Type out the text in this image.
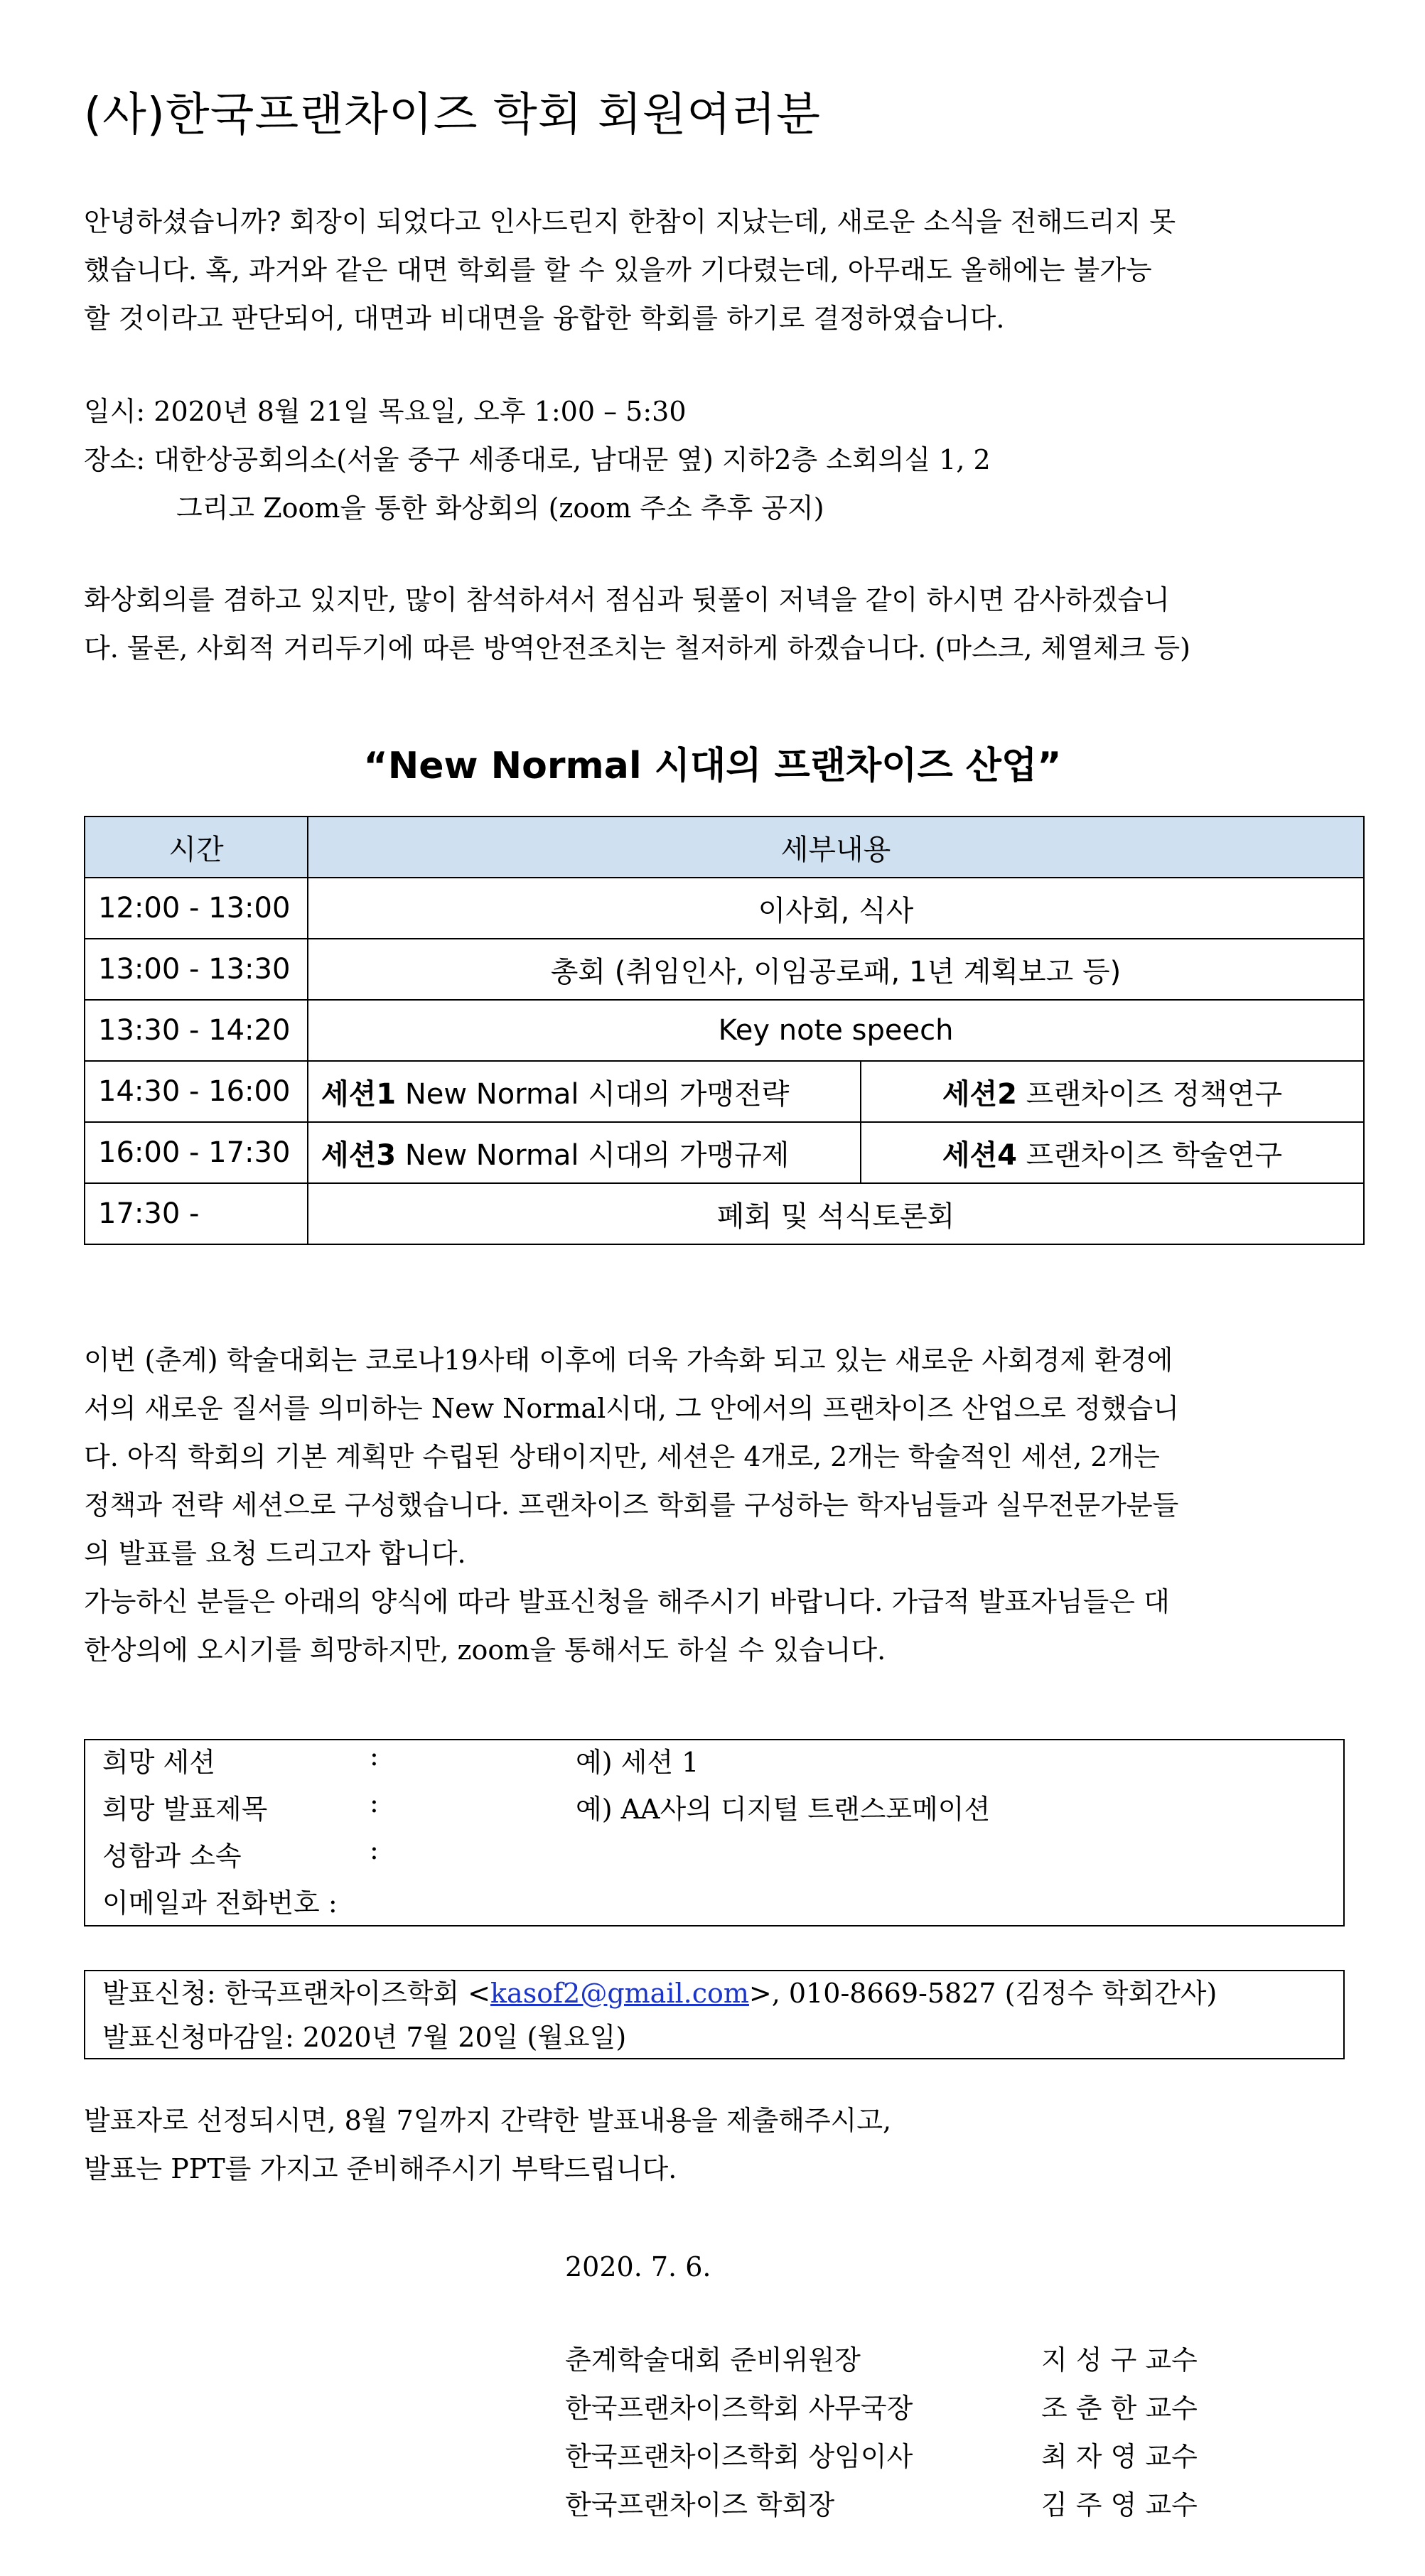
(사)한국프랜차이즈 학회 회원여러분
안녕하셨습니까? 회장이 되었다고 인사드린지 한참이 지났는데, 새로운 소식을 전해드리지 못
했습니다. 혹, 과거와 같은 대면 학회를 할 수 있을까 기다렸는데, 아무래도 올해에는 불가능
할 것이라고 판단되어, 대면과 비대면을 융합한 학회를 하기로 결정하였습니다.
일시: 2020년 8월 21일 목요일, 오후 1:00 – 5:30
장소: 대한상공회의소(서울 중구 세종대로, 남대문 옆) 지하2층 소회의실 1, 2
그리고 Zoom을 통한 화상회의 (zoom 주소 추후 공지)
화상회의를 겸하고 있지만, 많이 참석하셔서 점심과 뒷풀이 저녁을 같이 하시면 감사하겠습니
다. 물론, 사회적 거리두기에 따른 방역안전조치는 철저하게 하겠습니다. (마스크, 체열체크 등)
“New Normal 시대의 프랜차이즈 산업”
시간	세부내용	
12:00 - 13:00	이사회, 식사	
13:00 - 13:30	총회 (취임인사, 이임공로패, 1년 계획보고 등)	
13:30 - 14:20	Key note speech	
14:30 - 16:00	세션1 New Normal 시대의 가맹전략	세션2 프랜차이즈 정책연구
16:00 - 17:30	세션3 New Normal 시대의 가맹규제	세션4 프랜차이즈 학술연구
17:30 -	폐회 및 석식토론회	
이번 (춘계) 학술대회는 코로나19사태 이후에 더욱 가속화 되고 있는 새로운 사회경제 환경에
서의 새로운 질서를 의미하는 New Normal시대, 그 안에서의 프랜차이즈 산업으로 정했습니
다. 아직 학회의 기본 계획만 수립된 상태이지만, 세션은 4개로, 2개는 학술적인 세션, 2개는
정책과 전략 세션으로 구성했습니다. 프랜차이즈 학회를 구성하는 학자님들과 실무전문가분들
의 발표를 요청 드리고자 합니다.
가능하신 분들은 아래의 양식에 따라 발표신청을 해주시기 바랍니다. 가급적 발표자님들은 대
한상의에 오시기를 희망하지만, zoom을 통해서도 하실 수 있습니다.
희망 세션	:	예) 세션 1
희망 발표제목	:	예) AA사의 디지털 트랜스포메이션
성함과 소속	:
이메일과 전화번호 :
발표신청: 한국프랜차이즈학회 <kasof2@gmail.com>, 010-8669-5827 (김정수 학회간사)
발표신청마감일: 2020년 7월 20일 (월요일)
발표자로 선정되시면, 8월 7일까지 간략한 발표내용을 제출해주시고,
발표는 PPT를 가지고 준비해주시기 부탁드립니다.
2020. 7. 6.
춘계학술대회 준비위원장	지 성 구 교수
한국프랜차이즈학회 사무국장	조 춘 한 교수
한국프랜차이즈학회 상임이사	최 자 영 교수
한국프랜차이즈 학회장	김 주 영 교수
